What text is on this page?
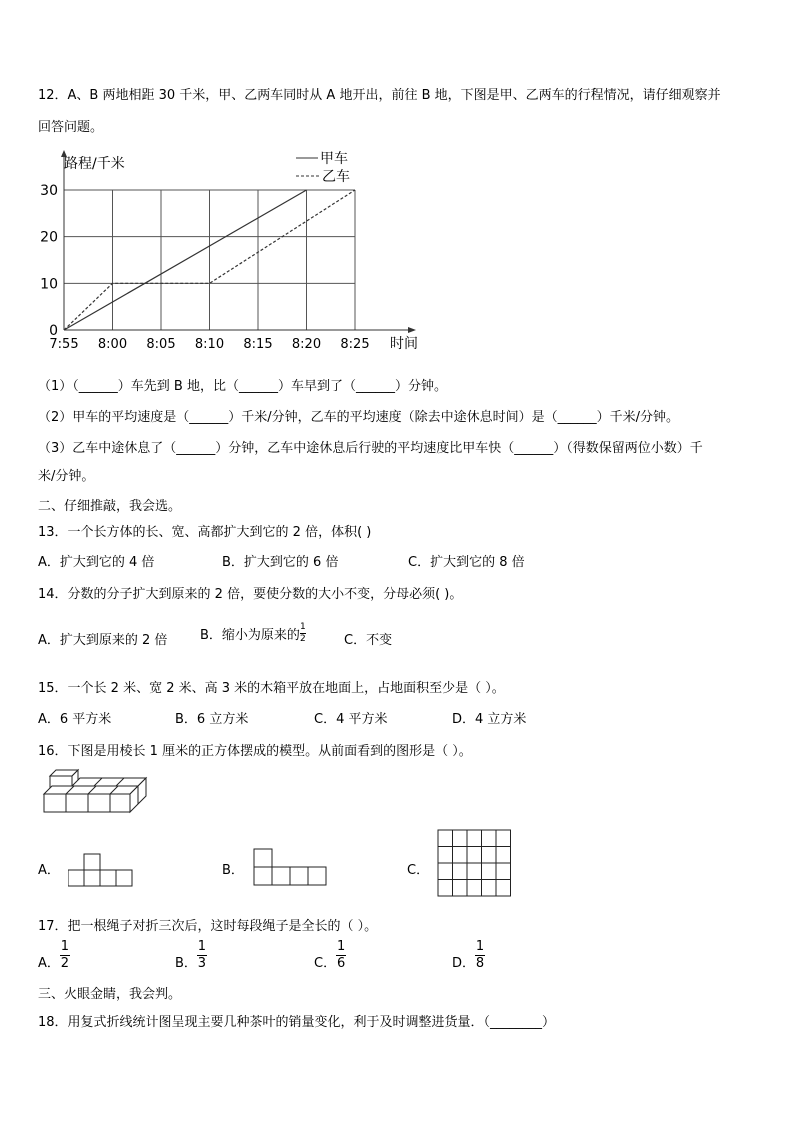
12．A、B 两地相距 30 千米，甲、乙两车同时从 A 地开出，前往 B 地，下图是甲、乙两车的行程情况，请仔细观察并
回答问题。
0
10
20
30
7:55 8:00 8:05 8:10 8:15 8:20 8:25
路程/千米
时间
甲车
乙车
（1）（______）车先到 B 地，比（______）车早到了（______）分钟。
（2）甲车的平均速度是（______）千米/分钟，乙车的平均速度（除去中途休息时间）是（______）千米/分钟。
（3）乙车中途休息了（______）分钟，乙车中途休息后行驶的平均速度比甲车快（______）（得数保留两位小数）千
米/分钟。
二、仔细推敲，我会选。
13．一个长方体的长、宽、高都扩大到它的 2 倍，体积( )
A．扩大到它的 4 倍	B．扩大到它的 6 倍	C．扩大到它的 8 倍
14．分数的分子扩大到原来的 2 倍，要使分数的大小不变，分母必须( )。
A．扩大到原来的 2 倍	B．缩小为原来的 $\frac{1}{2}$	C．不变
15．一个长 2 米、宽 2 米、高 3 米的木箱平放在地面上，占地面积至少是（ ）。
A．6 平方米	B．6 立方米	C．4 平方米	D．4 立方米
16．下图是用棱长 1 厘米的正方体摆成的模型。从前面看到的图形是（ ）。
A．	B．	C．
17．把一根绳子对折三次后，这时每段绳子是全长的（ ）。
A． $\frac{1}{2}$	B． $\frac{1}{3}$	C． $\frac{1}{6}$	D． $\frac{1}{8}$
三、火眼金睛，我会判。
18．用复式折线统计图呈现主要几种茶叶的销量变化，利于及时调整进货量．（________）
